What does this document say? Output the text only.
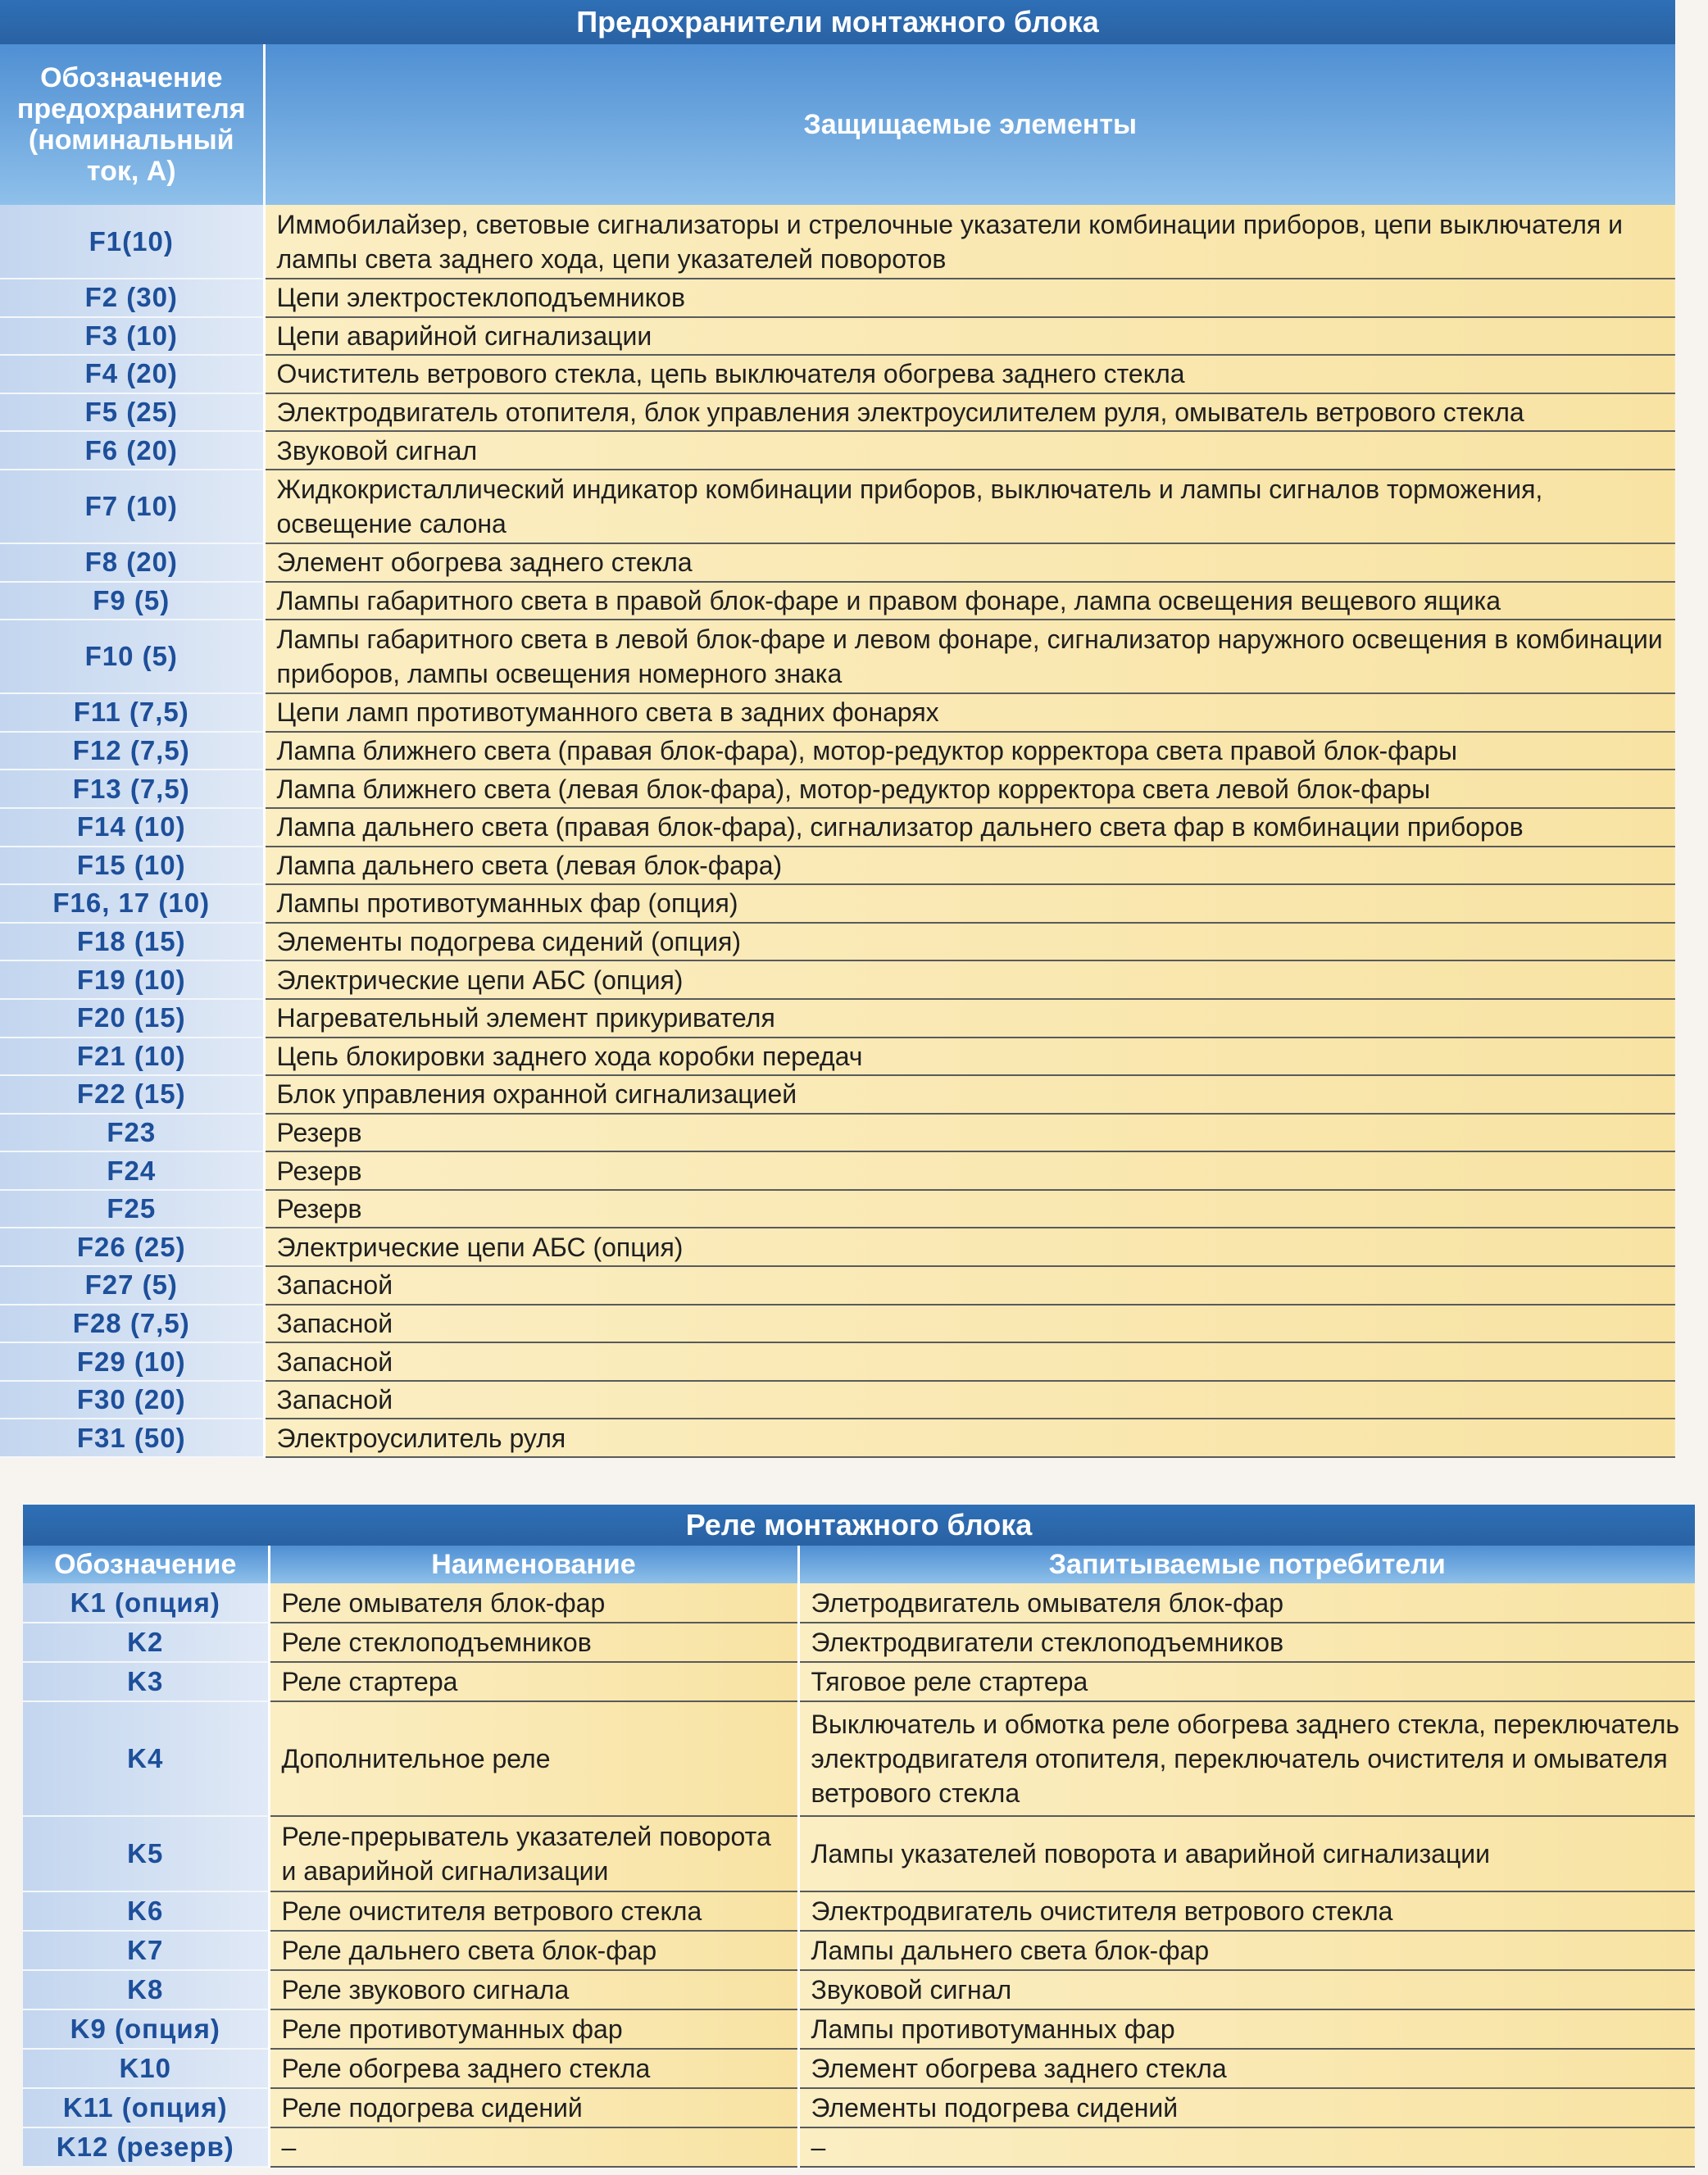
Предохранители монтажного блока	
Обозначение предохранителя (номинальный ток, А)	Защищаемые элементы
F1(10)	Иммобилайзер, световые сигнализаторы и стрелочные указатели комбинации приборов, цепи выключателя и лампы света заднего хода, цепи указателей поворотов
F2 (30)	Цепи электростеклоподъемников
F3 (10)	Цепи аварийной сигнализации
F4 (20)	Очиститель ветрового стекла, цепь выключателя обогрева заднего стекла
F5 (25)	Электродвигатель отопителя, блок управления электроусилителем руля, омыватель ветрового стекла
F6 (20)	Звуковой сигнал
F7 (10)	Жидкокристаллический индикатор комбинации приборов, выключатель и лампы сигналов торможения, освещение салона
F8 (20)	Элемент обогрева заднего стекла
F9 (5)	Лампы габаритного света в правой блок-фаре и правом фонаре, лампа освещения вещевого ящика
F10 (5)	Лампы габаритного света в левой блок-фаре и левом фонаре, сигнализатор наружного освещения в комбинации приборов, лампы освещения номерного знака
F11 (7,5)	Цепи ламп противотуманного света в задних фонарях
F12 (7,5)	Лампа ближнего света (правая блок-фара), мотор-редуктор корректора света правой блок-фары
F13 (7,5)	Лампа ближнего света (левая блок-фара), мотор-редуктор корректора света левой блок-фары
F14 (10)	Лампа дальнего света (правая блок-фара), сигнализатор дальнего света фар в комбинации приборов
F15 (10)	Лампа дальнего света (левая блок-фара)
F16, 17 (10)	Лампы противотуманных фар (опция)
F18 (15)	Элементы подогрева сидений (опция)
F19 (10)	Электрические цепи АБС (опция)
F20 (15)	Нагревательный элемент прикуривателя
F21 (10)	Цепь блокировки заднего хода коробки передач
F22 (15)	Блок управления охранной сигнализацией
F23	Резерв
F24	Резерв
F25	Резерв
F26 (25)	Электрические цепи АБС (опция)
F27 (5)	Запасной
F28 (7,5)	Запасной
F29 (10)	Запасной
F30 (20)	Запасной
F31 (50)	Электроусилитель руля
Реле монтажного блока		
Обозначение	Наименование	Запитываемые потребители
K1 (опция)	Реле омывателя блок-фар	Элетродвигатель омывателя блок-фар
K2	Реле стеклоподъемников	Электродвигатели стеклоподъемников
K3	Реле стартера	Тяговое реле стартера
K4	Дополнительное реле	Выключатель и обмотка реле обогрева заднего стекла, переключатель электродвигателя отопителя, переключатель очистителя и омывателя ветрового стекла
K5	Реле-прерыватель указателей поворота и аварийной сигнализации	Лампы указателей поворота и аварийной сигнализации
K6	Реле очистителя ветрового стекла	Электродвигатель очистителя ветрового стекла
K7	Реле дальнего света блок-фар	Лампы дальнего света блок-фар
K8	Реле звукового сигнала	Звуковой сигнал
K9 (опция)	Реле противотуманных фар	Лампы противотуманных фар
K10	Реле обогрева заднего стекла	Элемент обогрева заднего стекла
K11 (опция)	Реле подогрева сидений	Элементы подогрева сидений
K12 (резерв)	–	–
